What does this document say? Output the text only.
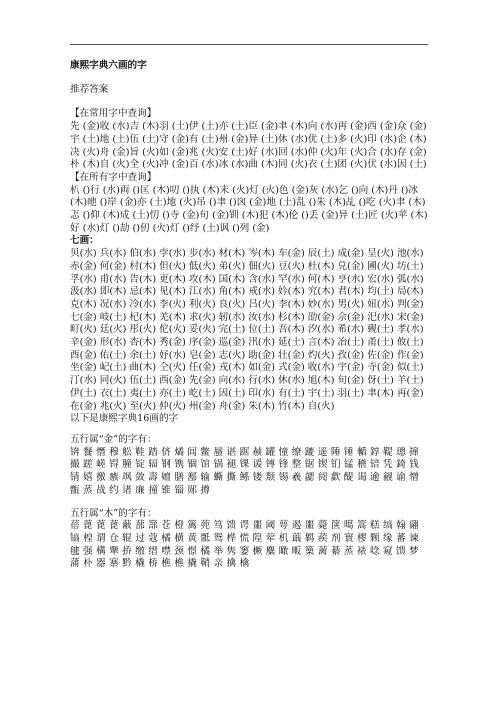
康熙字典六画的字

推荐答案

【在常用字中查询】

先 (金)收 (水)吉 (木)羽 (土)伊 (土)亦 (土)臣 (金)聿 (木)向 (水)再 (金)西 (金)众 (金)宇 (土)地 (土)伍 (土)守 (金)有 (土)州 (金)异 (土)休 (水)优 (土)多 (火)印 (水)企 (木)决 (火)舟 (金)旨 (火)如 (金)兆 (火)安 (土)好 (水)回 (水)仲 (火)年 (火)合 (水)存 (金)朴 (木)自 (火)全 (火)冲 (金)百 (水)冰 (水)曲 (木)同 (火)衣 (土)团 (火)伏 (水)因 (土)

【在所有字中查询】

朳 ()行 (水)両 ()匡 (木)叨 ()执 (木)末 (火)灯 (火)色 (金)灰 (水)乞 ()向 (木)丹 ()冰 (木)吔 ()岸 (金)亦 (土)地 (火)吊 ()聿 ()囟 (金)地 (土)乱 ()朱 (木)乩 ()吃 (火)聿 (木)忑 ()仰 (木)成 (土)忉 ()寺 (金)旬 (金)钏 (木)犯 (木)伦 ()丢 (金)异 (土)匠 (火)苹 (木)好 (水)灯 ()劼 ()仞 (火)灯 ()纾 (土)讽 ()列 (金)

七画：

贝(水) 兵(水) 伯(水) 孛(水) 步(水) 材(木) 岑(木) 车(金) 辰(土) 成(金) 呈(火) 池(水) 赤(金) 何(金) 村(木) 但(火) 低(火) 弟(火) 佃(火) 豆(火) 杜(木) 兑(金) 圃(火) 坊(土) 孚(水) 甫(水) 告(木) 更(木) 攻(木) 国(木) 含(水) 罕(水) 何(木) 亨(水) 宏(水) 弧(水) 汲(水) 即(木) 忌(木) 见(木) 江(水) 角(木) 戒(水) 妗(木) 究(木) 君(木) 均(土) 局(木) 克(木) 况(水) 冷(水) 李(火) 利(火) 良(火) 吕(火) 李(木) 妙(水) 男(火) 妞(水) 判(金) 七(金) 岐(土) 杞(木) 羌(木) 求(火) 轫(水) 汝(水) 杉(木) 劭(金) 佘(金) 汜(水) 宋(金) 町(火) 廷(火) 彤(火) 佗(火) 妥(火) 完(土) 位(土) 吾(木) 汐(水) 希(水) 觋(土) 孝(水) 辛(金) 形(水) 杏(木) 秀(金) 序(金) 巡(金) 汛(水) 延(土) 言(木) 冶(土) 甬(土) 攸(土) 酉(金) 佑(土) 余(土) 妤(水) 皂(金) 志(火) 助(金) 壮(金) 灼(火) 孜(金) 佐(金) 作(金) 坐(金) 屺(土) 曲(木) 仝(火) 任(金) 戎(木) 如(金) 式(金) 收(水) 宇(金) 寺(金) 似(土) 汀(水) 同(火) 伍(土) 西(金) 先(金) 向(水) 行(水) 休(水) 旭(木) 旬(金) 伢(土) 羊(土) 伊(土) 衣(土) 夷(土) 亦(土) 屹(土) 因(土) 印(水) 有(土) 宇(土) 羽(土) 聿(木) 再(金) 在(金) 兆(火) 至(火) 仲(火) 州(金) 舟(金) 朱(木) 竹(木) 自(火)

以下是康熙字典16画的字

五行属“金”的字有：

锛 餐 憯 穆 舩 鞋 踏 侪 燏 闾 鳖 蜃 谌 踞 赪 罐 憧 缭 蹗 遥 陲 锤 輴 錞 鞮 璁 撺 撮 蹉 嵯 锝 膧 锭 辐 钢 镌 锢 馆 锅 褪 锞 谖 镈 锋 整 锯 锲 钔 锰 稽 锫 凭 錡 钱 锖 嬉 撽 瘯 飒 敛 壽 嬗 膳 鄯 输 蟖 撕 鲧 镂 颓 锡 羲 勰 阅 歔 醍 谒 逾 觎 谕 憎 甑 蒸 战 约 诸 廉 撞 锥 锱 郧 撙

五行属“木”的字有：

蓓 蓖 蓖 蓖 蔽 蔀 篰 苍 橙 篱 蔸 笃 馈 谔 噩 阈 萼 遏 噩 薨 箧 噶 篙 糕 缟 翰 翮 镐 楻 谓 仓 辊 过 蔻 橘 横 黄 骶 鸳 桦 慌 隍 荤 机 蕺 羁 蒺 剂 寰 樛 颗 缘 蕃 谏 毽 强 構 犟 挢 缴 缙 噤 颈 憬 橘 举 隽 窭 橛 麋 瞰 畈 篥 蓠 綦 蒸 裱 唸 窥 馈 梦 蒲 朴 器 寨 黔 橇 桥 樵 樵 撬 鞘 亲 擒 檎
